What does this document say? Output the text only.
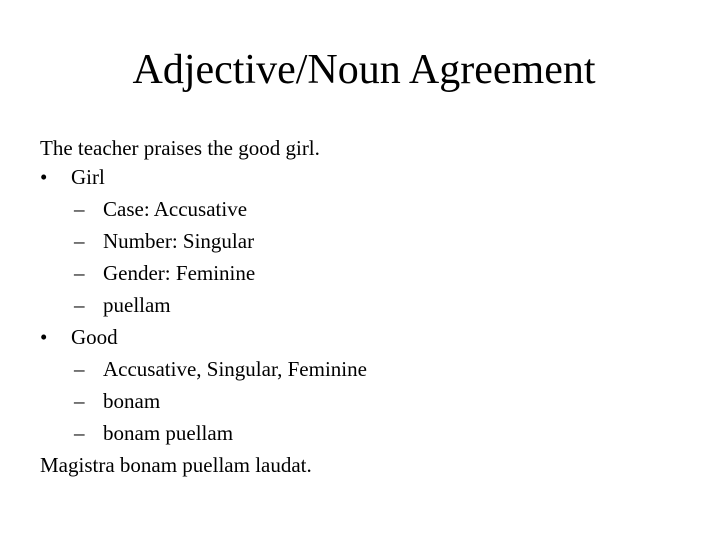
Adjective/Noun Agreement
The teacher praises the good girl.
• Girl
– Case: Accusative
– Number: Singular
– Gender: Feminine
– puellam
• Good
– Accusative, Singular, Feminine
– bonam
– bonam puellam
Magistra bonam puellam laudat.
